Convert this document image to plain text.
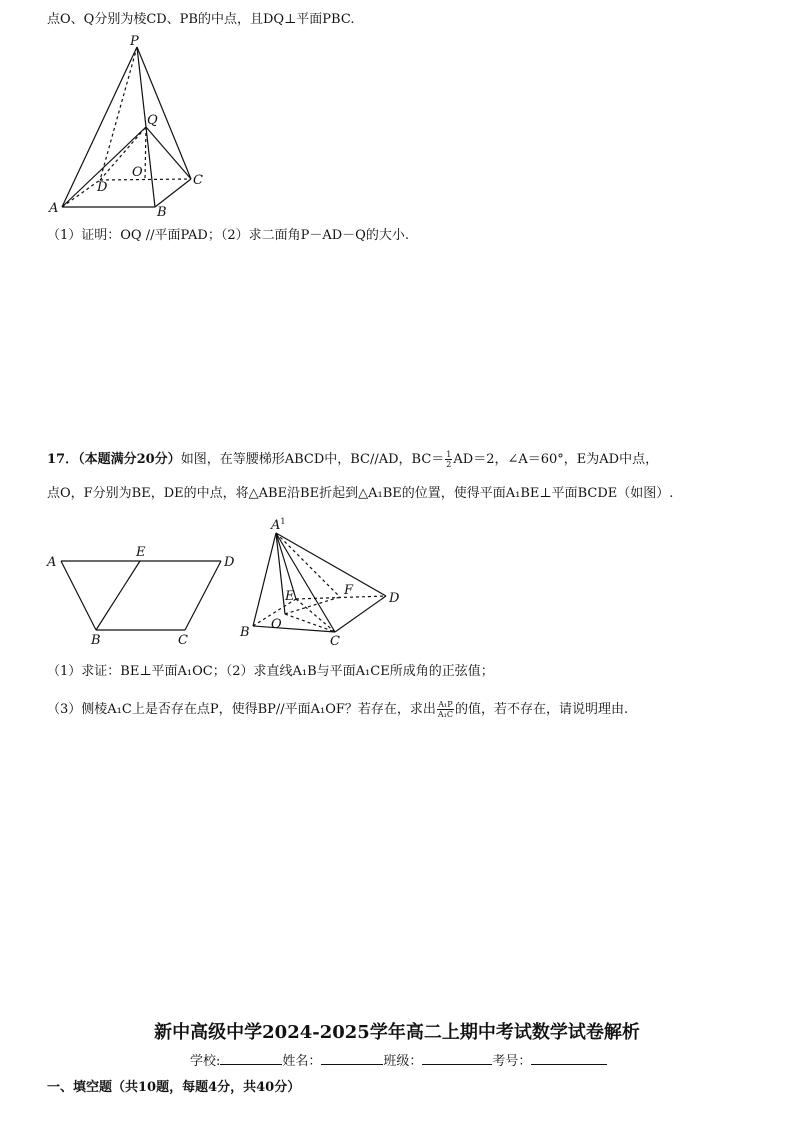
点O、Q分别为棱CD、PB的中点，且DQ⊥平面PBC.
P
Q
O
D	C
A	B
（1）证明：OQ //平面PAD；（2）求二面角P－AD－Q的大小.
17．（本题满分20分）如图，在等腰梯形ABCD中，BC//AD，$BC= \frac{1}{2} AD=2$，∠A＝60°，E为AD中点，
点O，F分别为BE，DE的中点，将△ABE沿BE折起到△A₁BE的位置，使得平面A₁BE⊥平面BCDE（如图）.
A
E
D
B	C
$A^1$
E	F
D
B
O
C
（1）求证：BE⊥平面A₁OC；（2）求直线A₁B与平面A₁CE所成角的正弦值；
（3）侧棱A₁C上是否存在点P，使得BP//平面A₁OF？若存在，求出 $\frac{\text{A₁P}}{\text{A₁C}}$ 的值，若不存在，请说明理由.
新中高级中学2024-2025学年高二上期中考试数学试卷解析
学校:	姓名：	班级：	考号：
一、填空题（共10题，每题4分，共40分）
